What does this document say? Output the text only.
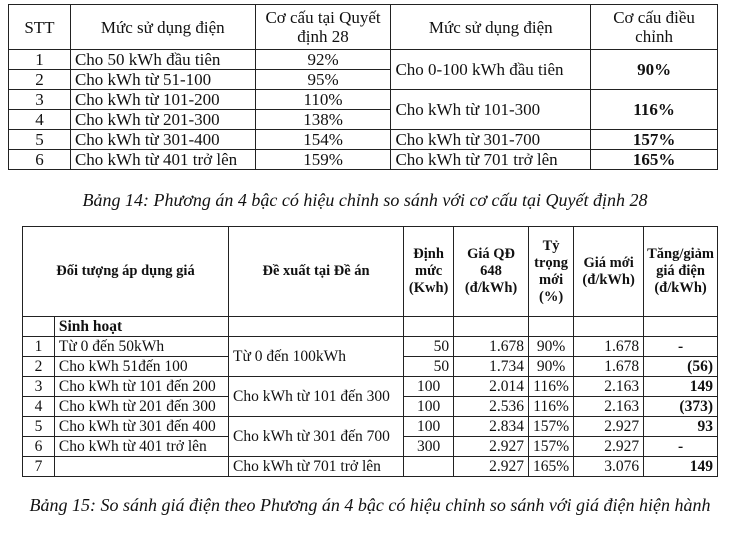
STT	Mức sử dụng điện	Cơ cấu tại Quyết định 28	Mức sử dụng điện	Cơ cấu điều chỉnh
1	Cho 50 kWh đầu tiên	92%	Cho 0-100 kWh đầu tiên	90%
2	Cho kWh từ 51-100	95%		
3	Cho kWh từ 101-200	110%	Cho kWh từ 101-300	116%
4	Cho kWh từ 201-300	138%		
5	Cho kWh từ 301-400	154%	Cho kWh từ 301-700	157%
6	Cho kWh từ 401 trở lên	159%	Cho kWh từ 701 trở lên	165%
Bảng 14: Phương án 4 bậc có hiệu chỉnh so sánh với cơ cấu tại Quyết định 28
Đối tượng áp dụng giá		Đề xuất tại Đề án	Định mức (Kwh)	Giá QĐ 648 (đ/kWh)	Tỷ trọng mới (%)	Giá mới (đ/kWh)	Tăng/giảm giá điện (đ/kWh)
	Sinh hoạt						
1	Từ 0 đến 50kWh	Từ 0 đến 100kWh	50	1.678	90%	1.678	-
2	Cho kWh 51đến 100		50	1.734	90%	1.678	(56)
3	Cho kWh từ 101 đến 200	Cho kWh từ 101 đến 300	100	2.014	116%	2.163	149
4	Cho kWh từ 201 đến 300		100	2.536	116%	2.163	(373)
5	Cho kWh từ 301 đến 400	Cho kWh từ 301 đến 700	100	2.834	157%	2.927	93
6	Cho kWh từ 401 trở lên		300	2.927	157%	2.927	-
7		Cho kWh từ 701 trở lên		2.927	165%	3.076	149
Bảng 15: So sánh giá điện theo Phương án 4 bậc có hiệu chỉnh so sánh với giá điện hiện hành
